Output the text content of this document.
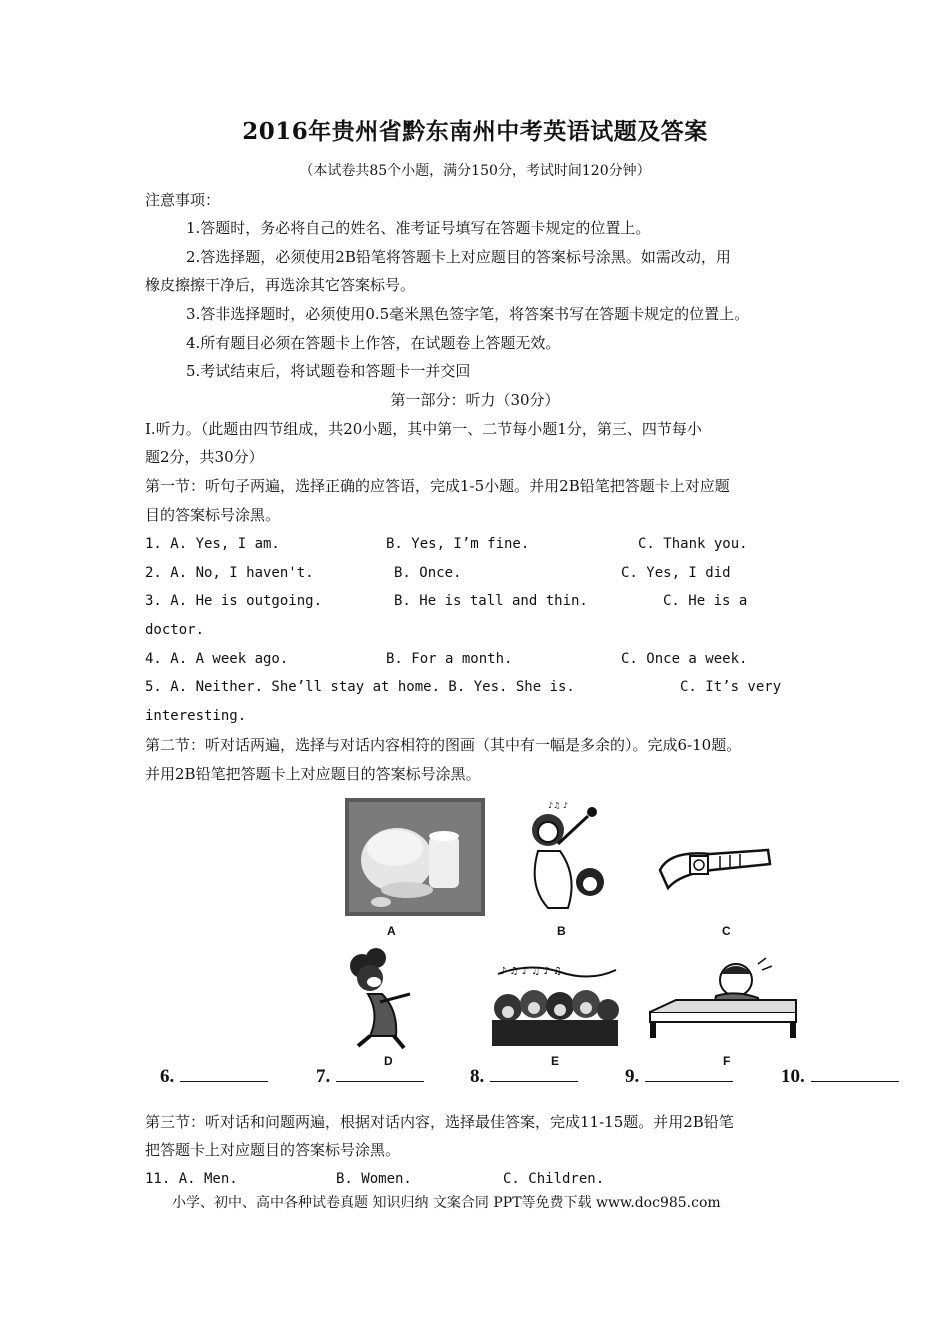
2016年贵州省黔东南州中考英语试题及答案
（本试卷共85个小题，满分150分，考试时间120分钟）
注意事项：
1.答题时，务必将自己的姓名、准考证号填写在答题卡规定的位置上。
2.答选择题，必须使用2B铅笔将答题卡上对应题目的答案标号涂黑。如需改动，用
橡皮擦擦干净后，再选涂其它答案标号。
3.答非选择题时，必须使用0.5毫米黑色签字笔，将答案书写在答题卡规定的位置上。
4.所有题目必须在答题卡上作答，在试题卷上答题无效。
5.考试结束后，将试题卷和答题卡一并交回
第一部分：听力（30分）
Ⅰ.听力。（此题由四节组成，共20小题，其中第一、二节每小题1分，第三、四节每小
题2分，共30分）
第一节：听句子两遍，选择正确的应答语，完成1-5小题。并用2B铅笔把答题卡上对应题
目的答案标号涂黑。
1. A. Yes, I am.	B. Yes, I’m fine.	C. Thank you.
2. A. No, I haven't.	B. Once.	C. Yes, I did
3. A. He is outgoing.	B. He is tall and thin.	C. He is a
doctor.
4. A. A week ago.	B. For a month.	C. Once a week.
5. A. Neither. She’ll stay at home. B. Yes. She is.	C. It’s very
interesting.
第二节：听对话两遍，选择与对话内容相符的图画（其中有一幅是多余的）。完成6-10题。
并用2B铅笔把答题卡上对应题目的答案标号涂黑。
A
♪♫ ♪
B	C
D
♪ ♫ ♪ ♫ ♪ ♫
E	F
6.	7.	8.	9.	10.
第三节：听对话和问题两遍，根据对话内容，选择最佳答案，完成11-15题。并用2B铅笔
把答题卡上对应题目的答案标号涂黑。
11. A. Men.	B. Women.	C. Children.
小学、初中、高中各种试卷真题 知识归纳 文案合同 PPT等免费下载 www.doc985.com
